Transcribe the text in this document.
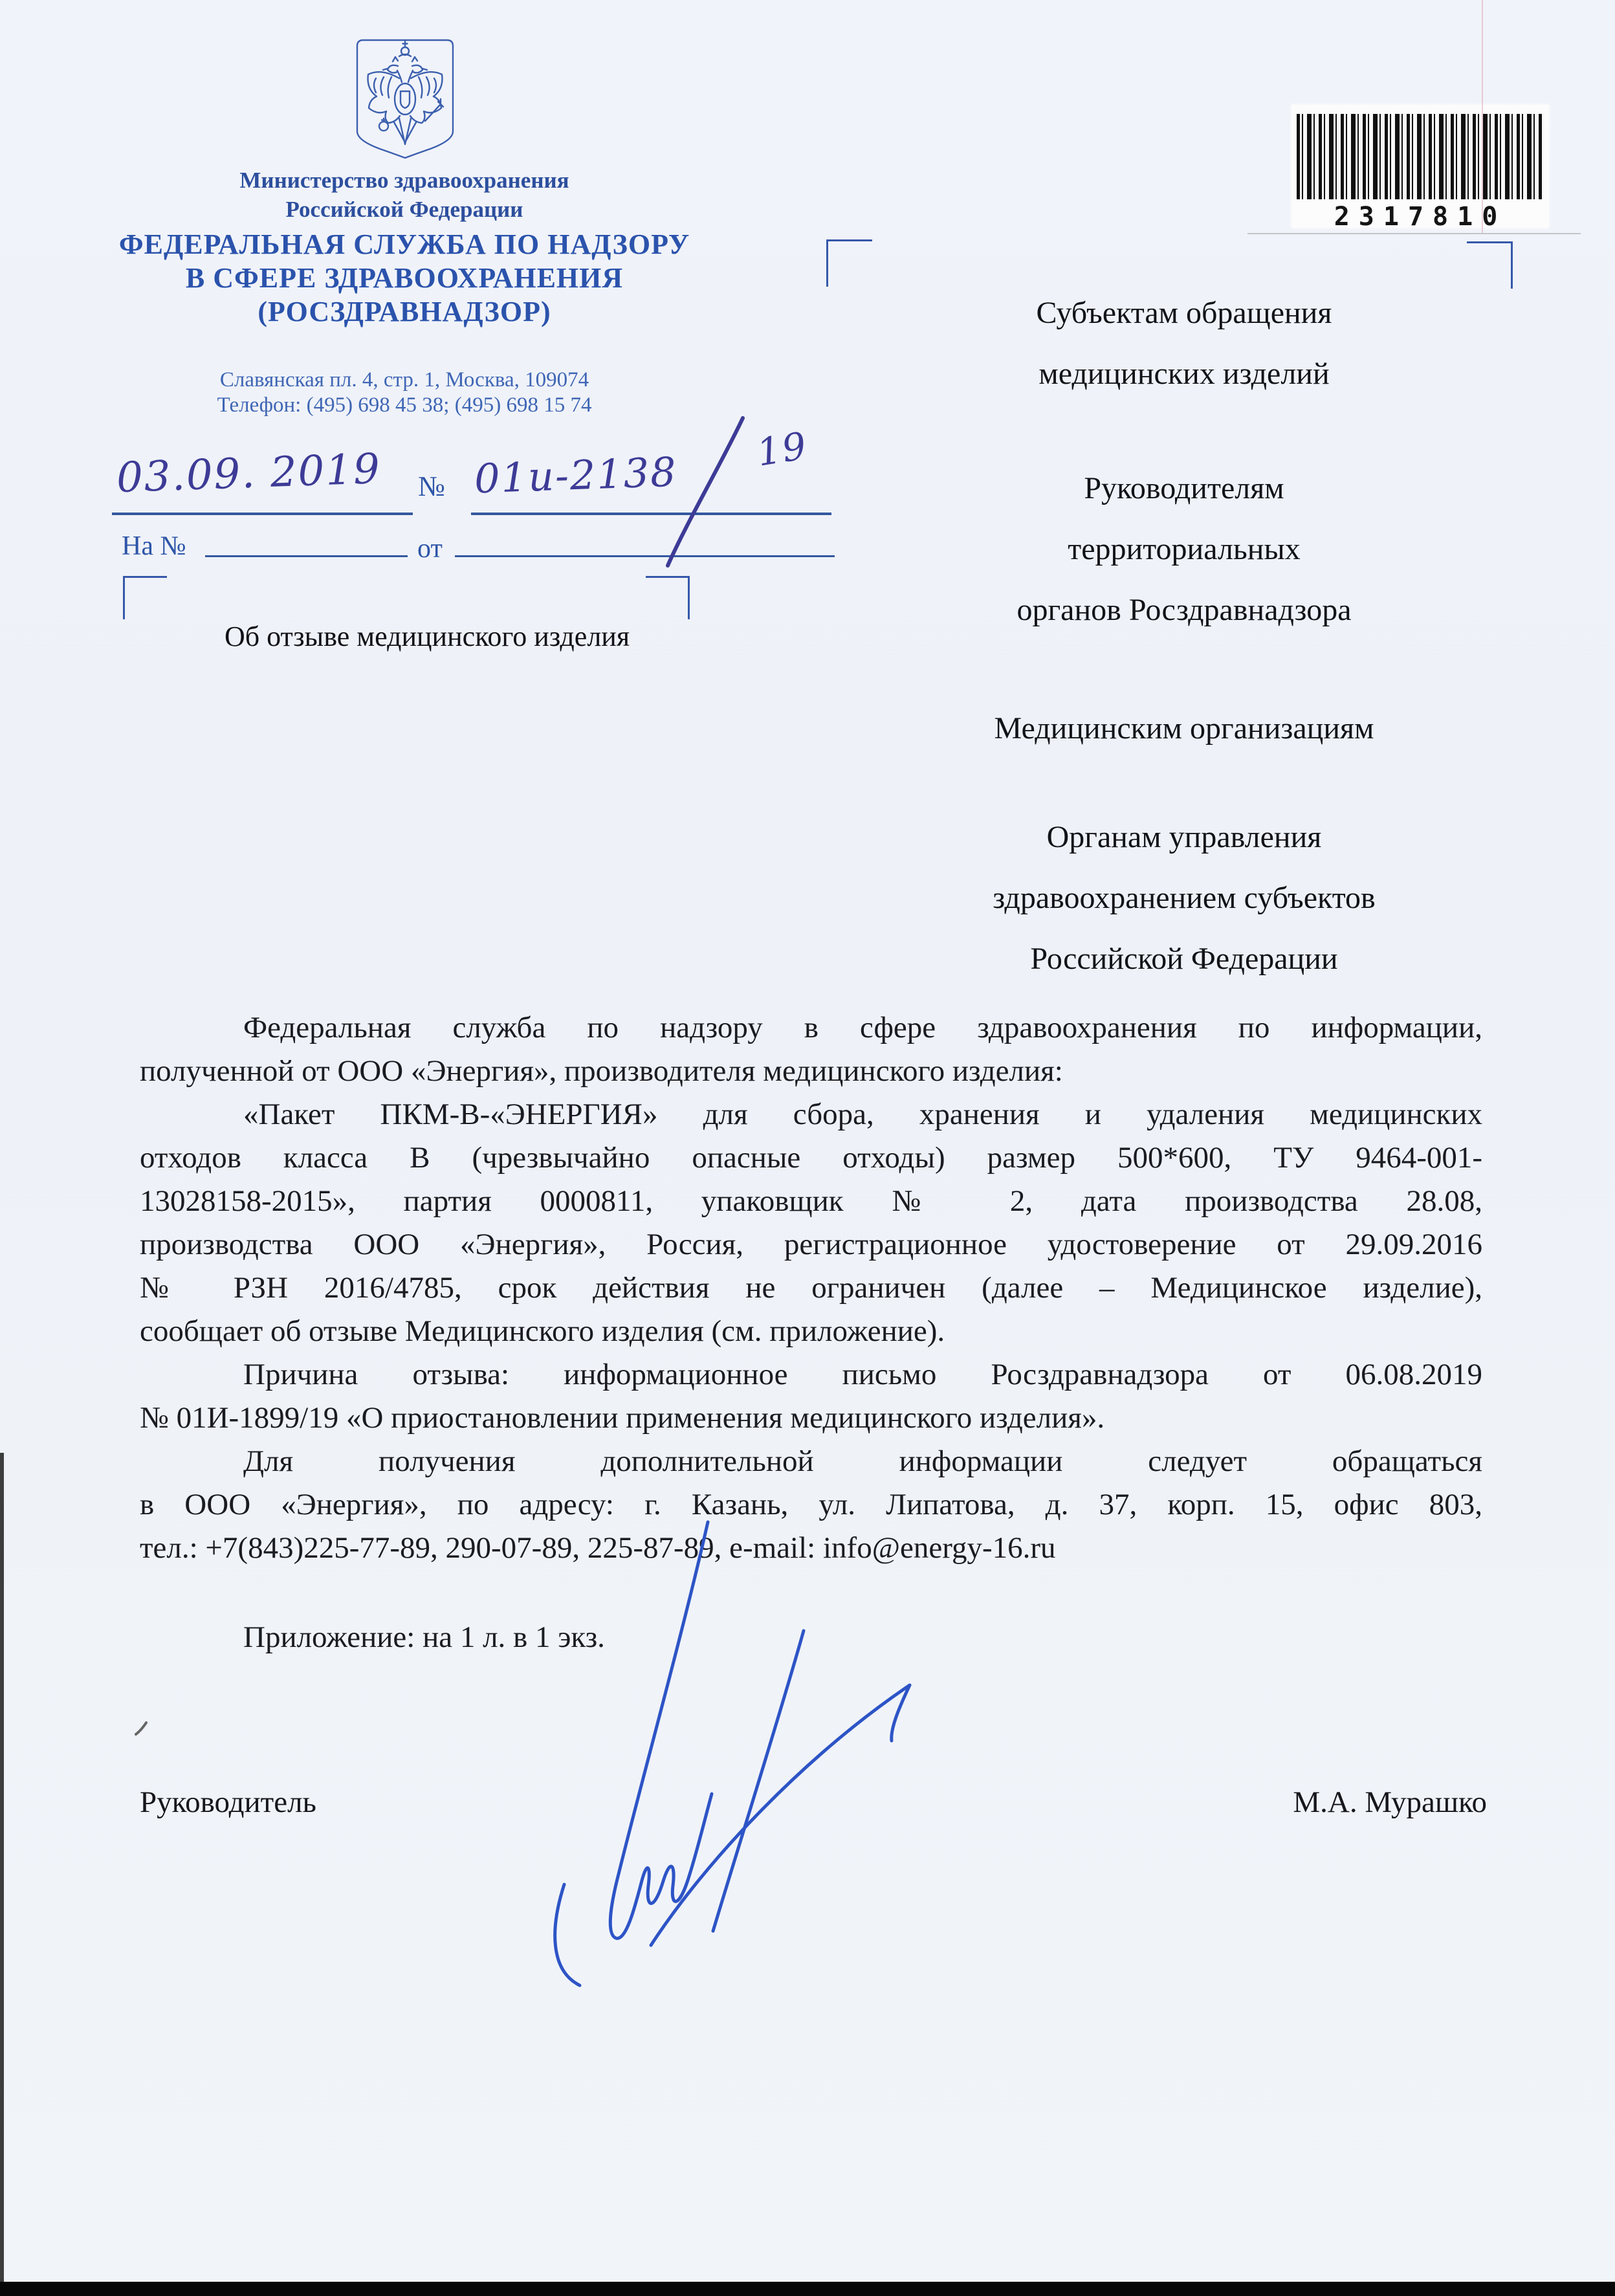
Министерство здравоохранения
Российской Федерации
ФЕДЕРАЛЬНАЯ СЛУЖБА ПО НАДЗОРУ
В СФЕРЕ ЗДРАВООХРАНЕНИЯ
(РОСЗДРАВНАДЗОР)
Славянская пл. 4, стр. 1, Москва, 109074
Телефон: (495) 698 45 38; (495) 698 15 74
2317810
03.09. 2019 № 01и-2138 19
На №	от
Об отзыве медицинского изделия
Субъектам обращения
медицинских изделий
Руководителям
территориальных
органов Росздравнадзора
Медицинским организациям
Органам управления
здравоохранением субъектов
Российской Федерации
Федеральная служба по надзору в сфере здравоохранения по информации,
полученной от ООО «Энергия», производителя медицинского изделия:
«Пакет ПКМ-В-«ЭНЕРГИЯ» для сбора, хранения и удаления медицинских
отходов класса В (чрезвычайно опасные отходы) размер 500*600, ТУ 9464-001-
13028158-2015», партия 0000811, упаковщик № 2, дата производства 28.08,
производства ООО «Энергия», Россия, регистрационное удостоверение от 29.09.2016
№ РЗН 2016/4785, срок действия не ограничен (далее – Медицинское изделие),
сообщает об отзыве Медицинского изделия (см. приложение).
Причина отзыва: информационное письмо Росздравнадзора от 06.08.2019
№ 01И-1899/19 «О приостановлении применения медицинского изделия».
Для получения дополнительной информации следует обращаться
в ООО «Энергия», по адресу: г. Казань, ул. Липатова, д. 37, корп. 15, офис 803,
тел.: +7(843)225-77-89, 290-07-89, 225-87-89, e-mail: info@energy-16.ru
Приложение: на 1 л. в 1 экз.
Руководитель	М.А. Мурашко
